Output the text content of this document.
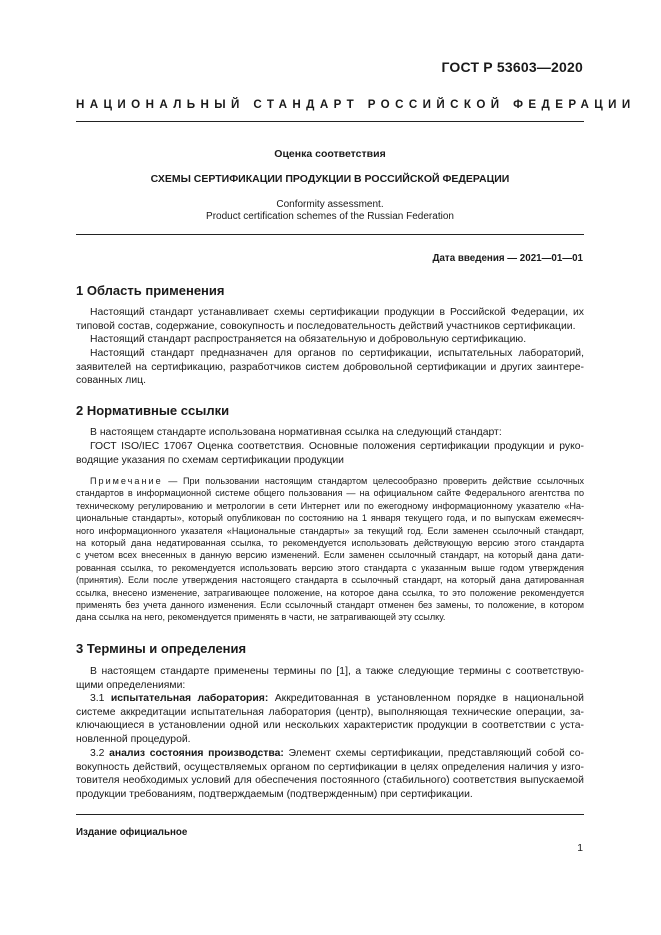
ГОСТ Р 53603—2020
НАЦИОНАЛЬНЫЙ СТАНДАРТ РОССИЙСКОЙ ФЕДЕРАЦИИ
Оценка соответствия
СХЕМЫ СЕРТИФИКАЦИИ ПРОДУКЦИИ В РОССИЙСКОЙ ФЕДЕРАЦИИ
Conformity assessment.
Product certification schemes of the Russian Federation
Дата введения — 2021—01—01
1 Область применения
Настоящий стандарт устанавливает схемы сертификации продукции в Российской Федерации, их
типовой состав, содержание, совокупность и последовательность действий участников сертификации.
Настоящий стандарт распространяется на обязательную и добровольную сертификацию.
Настоящий стандарт предназначен для органов по сертификации, испытательных лабораторий,
заявителей на сертификацию, разработчиков систем добровольной сертификации и других заинтере-
сованных лиц.
2 Нормативные ссылки
В настоящем стандарте использована нормативная ссылка на следующий стандарт:
ГОСТ ISO/IEC 17067 Оценка соответствия. Основные положения сертификации продукции и руко-
водящие указания по схемам сертификации продукции
Примечание — При пользовании настоящим стандартом целесообразно проверить действие ссылочных
стандартов в информационной системе общего пользования — на официальном сайте Федерального агентства по
техническому регулированию и метрологии в сети Интернет или по ежегодному информационному указателю «На-
циональные стандарты», который опубликован по состоянию на 1 января текущего года, и по выпускам ежемесяч-
ного информационного указателя «Национальные стандарты» за текущий год. Если заменен ссылочный стандарт,
на который дана недатированная ссылка, то рекомендуется использовать действующую версию этого стандарта
с учетом всех внесенных в данную версию изменений. Если заменен ссылочный стандарт, на который дана дати-
рованная ссылка, то рекомендуется использовать версию этого стандарта с указанным выше годом утверждения
(принятия). Если после утверждения настоящего стандарта в ссылочный стандарт, на который дана датированная
ссылка, внесено изменение, затрагивающее положение, на которое дана ссылка, то это положение рекомендуется
применять без учета данного изменения. Если ссылочный стандарт отменен без замены, то положение, в котором
дана ссылка на него, рекомендуется применять в части, не затрагивающей эту ссылку.
3 Термины и определения
В настоящем стандарте применены термины по [1], а также следующие термины с соответствую-
щими определениями:
3.1 испытательная лаборатория: Аккредитованная в установленном порядке в национальной
системе аккредитации испытательная лаборатория (центр), выполняющая технические операции, за-
ключающиеся в установлении одной или нескольких характеристик продукции в соответствии с уста-
новленной процедурой.
3.2 анализ состояния производства: Элемент схемы сертификации, представляющий собой со-
вокупность действий, осуществляемых органом по сертификации в целях определения наличия у изго-
товителя необходимых условий для обеспечения постоянного (стабильного) соответствия выпускаемой
продукции требованиям, подтверждаемым (подтвержденным) при сертификации.
Издание официальное
1
